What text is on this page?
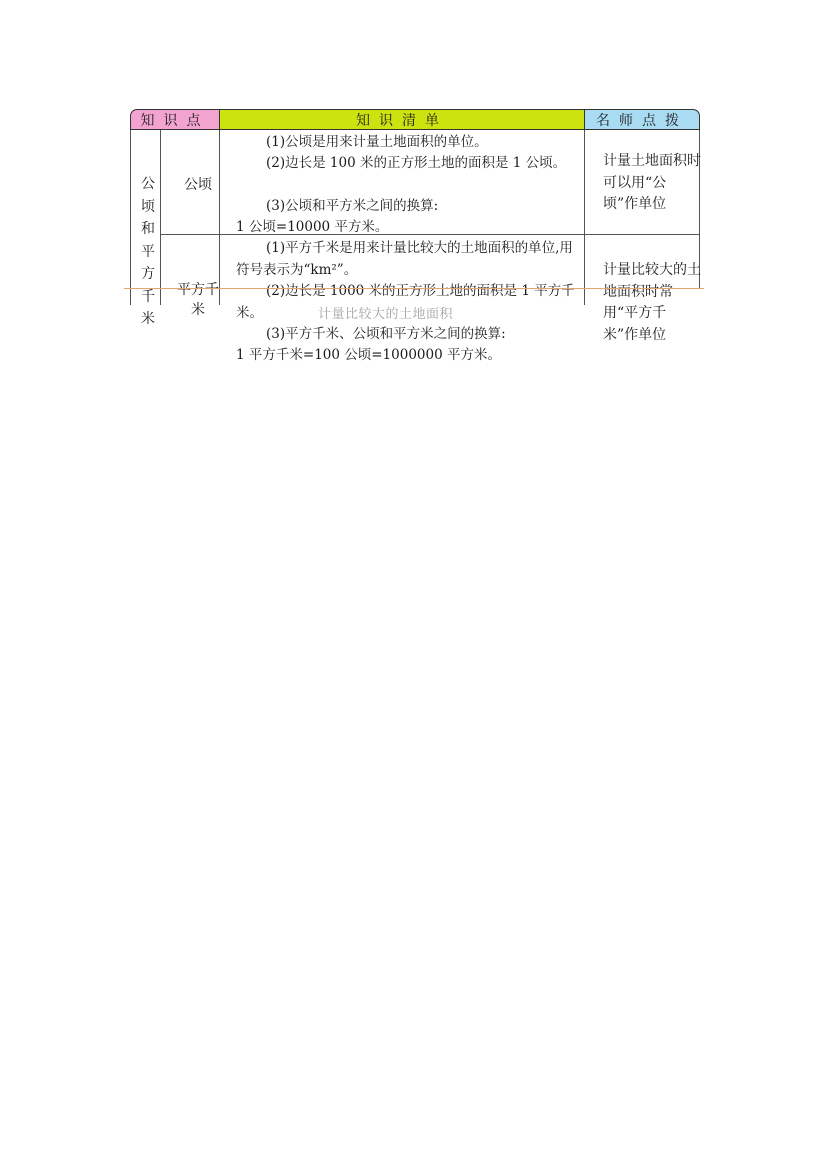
知识点	知识清单	名师点拨
公顷和平方千米
公顷
平方千米
(1)公顷是用来计量土地面积的单位。
(2)边长是 100 米的正方形土地的面积是 1 公顷。
(3)公顷和平方米之间的换算:
1 公顷=10000 平方米。
(1)平方千米是用来计量比较大的土地面积的单位,用符号表示为“km²”。
(2)边长是 1000 米的正方形土地的面积是 1 平方千米。
(3)平方千米、公顷和平方米之间的换算:
1 平方千米=100 公顷=1000000 平方米。
计量土地面积时可以用“公顷”作单位
计量比较大的土地面积时常用“平方千米”作单位
计量比较大的土地面积
